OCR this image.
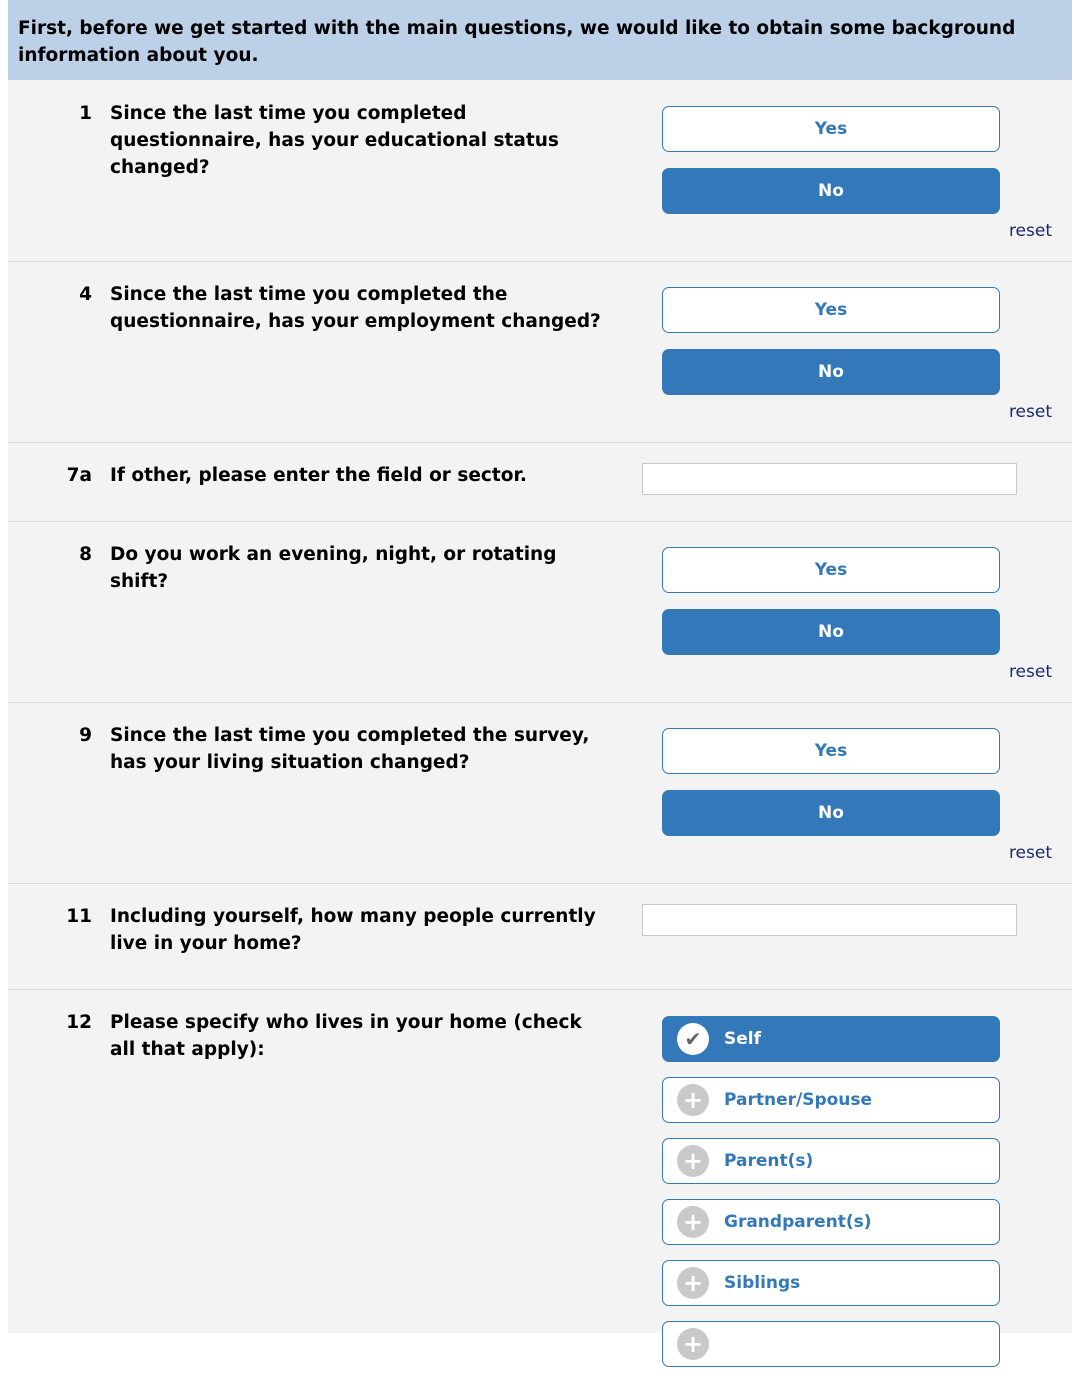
First, before we get started with the main questions, we would like to obtain some background information about you.
1 Since the last time you completed questionnaire, has your educational status changed?
Yes
No
reset
4 Since the last time you completed the questionnaire, has your employment changed?
Yes
No
reset
7a If other, please enter the field or sector.
8 Do you work an evening, night, or rotating shift?
Yes
No
reset
9 Since the last time you completed the survey, has your living situation changed?
Yes
No
reset
11 Including yourself, how many people currently live in your home?
12 Please specify who lives in your home (check all that apply):	✔	Self
+	Partner/Spouse
+	Parent(s)
+	Grandparent(s)
+	Siblings
+
